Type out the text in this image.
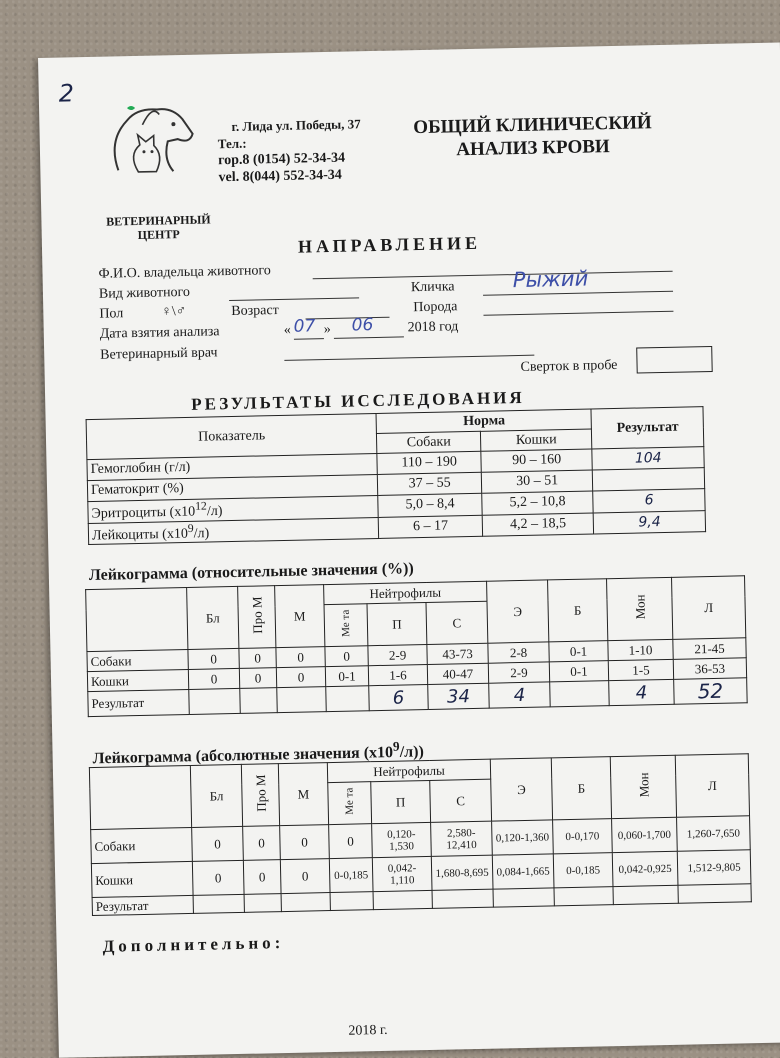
2
г. Лида ул. Победы, 37
Тел.:
гор.8 (0154) 52-34-34
vel. 8(044) 552-34-34
ОБЩИЙ КЛИНИЧЕСКИЙ
АНАЛИЗ КРОВИ
ВЕТЕРИНАРНЫЙ
ЦЕНТР	НАПРАВЛЕНИЕ
Ф.И.О. владельца животного
Вид животного	Кличка	Рыжий
Пол	♀\♂	Возраст	Порода
Дата взятия анализа	« 07 » 06 2018 год
Ветеринарный врач
Сверток в пробе
РЕЗУЛЬТАТЫ ИССЛЕДОВАНИЯ
Показатель	Норма		Результат
	Собаки	Кошки	
Гемоглобин (г/л)	110 – 190	90 – 160	104
Гематокрит (%)	37 – 55	30 – 51	
Эритроциты $(х10^{12}/л)$	5,0 – 8,4	5,2 – 10,8	6
Лейкоциты $(х10^9/л)$	6 – 17	4,2 – 18,5	9,4
Лейкограмма (относительные значения (%))
	Бл	Про М	М	Нейтрофилы			Э	Б	Мон	Л
				Ме та	П	С				
Собаки	0	0	0	0	2-9	43-73	2-8	0-1	1-10	21-45
Кошки	0	0	0	0-1	1-6	40-47	2-9	0-1	1-5	36-53
Результат					6	34	4		4	52
Лейкограмма (абсолютные значения $(х10^9/л)$)
	Бл	Про М	М	Нейтрофилы			Э	Б	Мон	Л
				Ме та	П	С				
Собаки	0	0	0	0	0,120-1,530	2,580-12,410	0,120-1,360	0-0,170	0,060-1,700	1,260-7,650
Кошки	0	0	0	0-0,185	0,042-1,110	1,680-8,695	0,084-1,665	0-0,185	0,042-0,925	1,512-9,805
Результат										
Дополнительно:
2018 г.
